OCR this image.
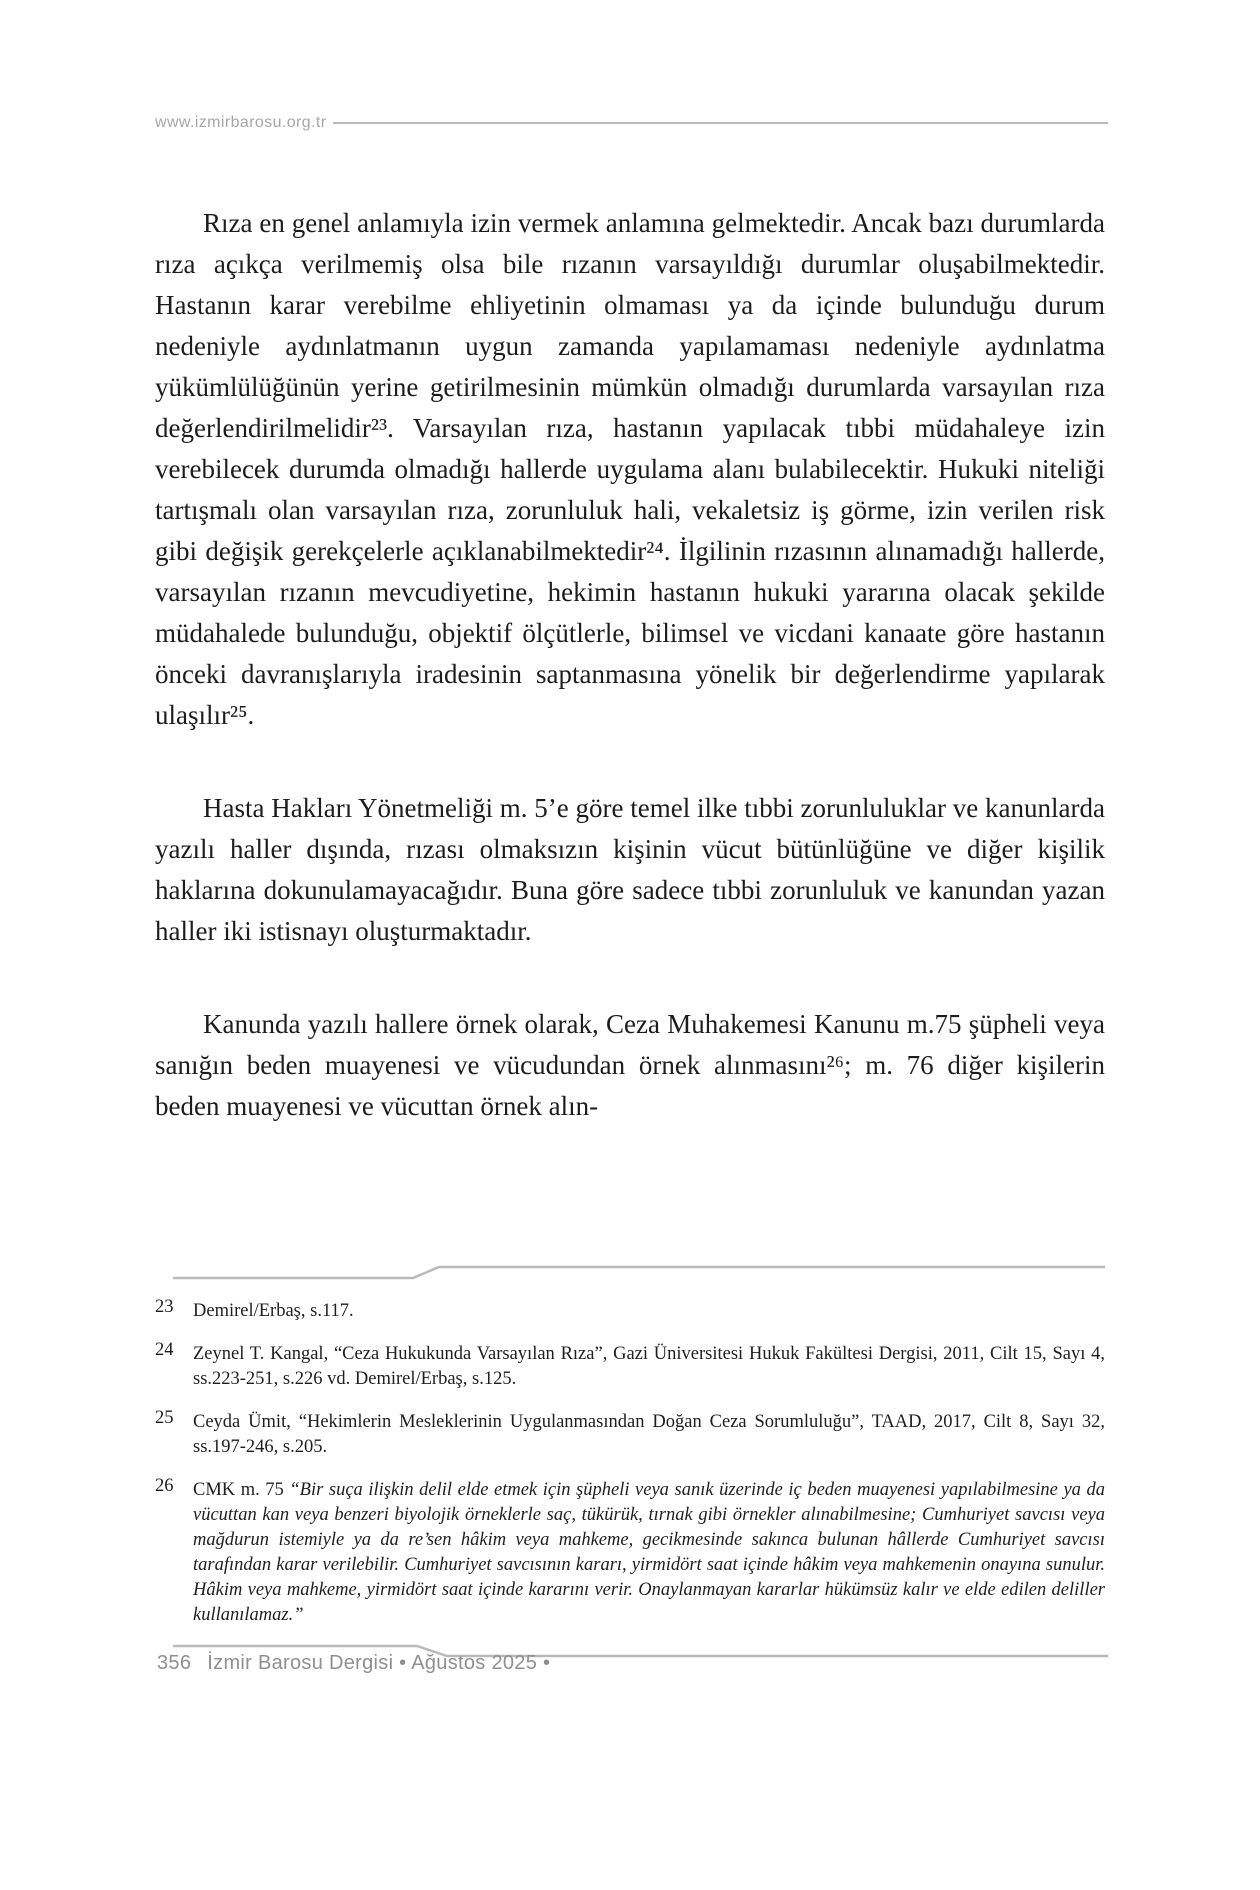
www.izmirbarosu.org.tr

Rıza en genel anlamıyla izin vermek anlamına gelmektedir. Ancak bazı durumlarda rıza açıkça verilmemiş olsa bile rızanın varsayıldığı durumlar oluşabilmektedir. Hastanın karar verebilme ehliyetinin olmaması ya da içinde bulunduğu durum nedeniyle aydınlatmanın uygun zamanda yapılamaması nedeniyle aydınlatma yükümlülüğünün yerine getirilmesinin mümkün olmadığı durumlarda varsayılan rıza değerlendirilmelidir²³. Varsayılan rıza, hastanın yapılacak tıbbi müdahaleye izin verebilecek durumda olmadığı hallerde uygulama alanı bulabilecektir. Hukuki niteliği tartışmalı olan varsayılan rıza, zorunluluk hali, vekaletsiz iş görme, izin verilen risk gibi değişik gerekçelerle açıklanabilmektedir²⁴. İlgilinin rızasının alınamadığı hallerde, varsayılan rızanın mevcudiyetine, hekimin hastanın hukuki yararına olacak şekilde müdahalede bulunduğu, objektif ölçütlerle, bilimsel ve vicdani kanaate göre hastanın önceki davranışlarıyla iradesinin saptanmasına yönelik bir değerlendirme yapılarak ulaşılır²⁵.

Hasta Hakları Yönetmeliği m. 5’e göre temel ilke tıbbi zorunluluklar ve kanunlarda yazılı haller dışında, rızası olmaksızın kişinin vücut bütünlüğüne ve diğer kişilik haklarına dokunulamayacağıdır. Buna göre sadece tıbbi zorunluluk ve kanundan yazan haller iki istisnayı oluşturmaktadır.

Kanunda yazılı hallere örnek olarak, Ceza Muhakemesi Kanunu m.75 şüpheli veya sanığın beden muayenesi ve vücudundan örnek alınmasını²⁶; m. 76 diğer kişilerin beden muayenesi ve vücuttan örnek alın-

23 Demirel/Erbaş, s.117.
24 Zeynel T. Kangal, “Ceza Hukukunda Varsayılan Rıza”, Gazi Üniversitesi Hukuk Fakültesi Dergisi, 2011, Cilt 15, Sayı 4, ss.223-251, s.226 vd. Demirel/Erbaş, s.125.
25 Ceyda Ümit, “Hekimlerin Mesleklerinin Uygulanmasından Doğan Ceza Sorumluluğu”, TAAD, 2017, Cilt 8, Sayı 32, ss.197-246, s.205.
26 CMK m. 75 “Bir suça ilişkin delil elde etmek için şüpheli veya sanık üzerinde iç beden muayenesi yapılabilmesine ya da vücuttan kan veya benzeri biyolojik örneklerle saç, tükürük, tırnak gibi örnekler alınabilmesine; Cumhuriyet savcısı veya mağdurun istemiyle ya da re’sen hâkim veya mahkeme, gecikmesinde sakınca bulunan hâllerde Cumhuriyet savcısı tarafından karar verilebilir. Cumhuriyet savcısının kararı, yirmidört saat içinde hâkim veya mahkemenin onayına sunulur. Hâkim veya mahkeme, yirmidört saat içinde kararını verir. Onaylanmayan kararlar hükümsüz kalır ve elde edilen deliller kullanılamaz.”
356 İzmir Barosu Dergisi • Ağustos 2025 •
